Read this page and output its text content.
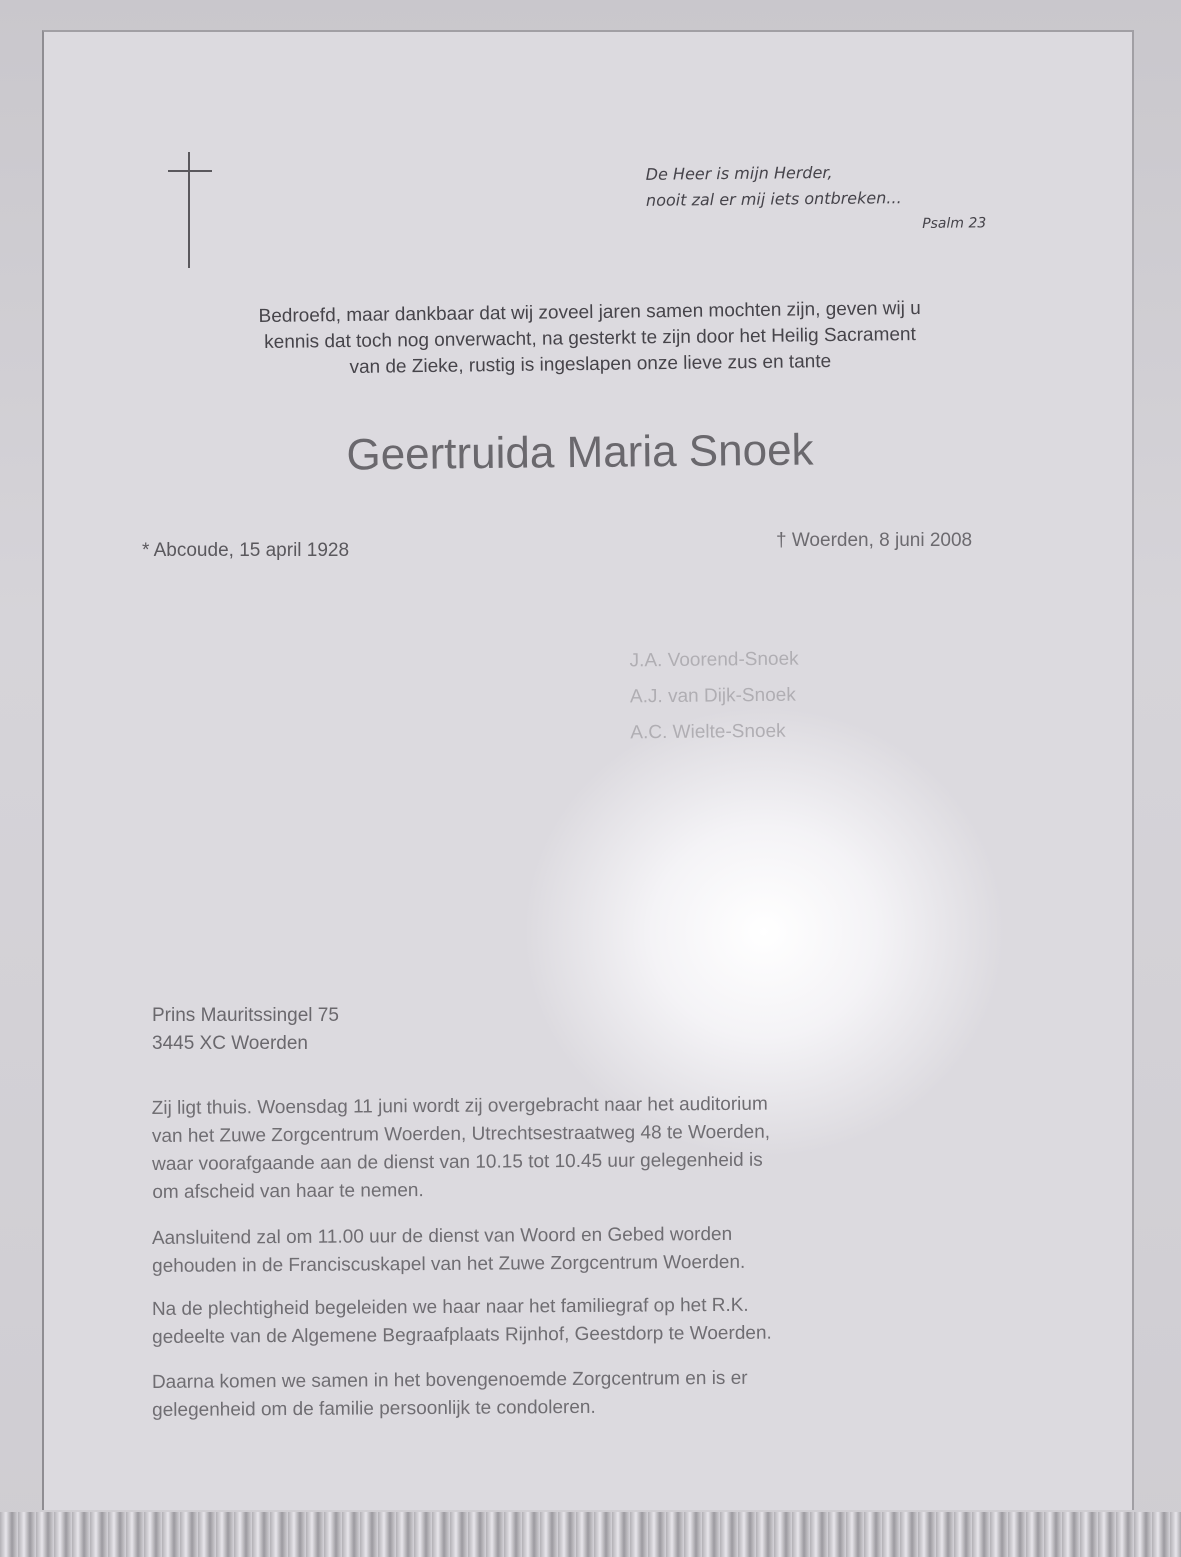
De Heer is mijn Herder,
nooit zal er mij iets ontbreken...
Psalm 23
Bedroefd, maar dankbaar dat wij zoveel jaren samen mochten zijn, geven wij u
kennis dat toch nog onverwacht, na gesterkt te zijn door het Heilig Sacrament
van de Zieke, rustig is ingeslapen onze lieve zus en tante
Geertruida Maria Snoek
* Abcoude, 15 april 1928	† Woerden, 8 juni 2008
J.A. Voorend-Snoek
A.J. van Dijk-Snoek
A.C. Wielte-Snoek
Prins Mauritssingel 75
3445 XC Woerden
Zij ligt thuis. Woensdag 11 juni wordt zij overgebracht naar het auditorium
van het Zuwe Zorgcentrum Woerden, Utrechtsestraatweg 48 te Woerden,
waar voorafgaande aan de dienst van 10.15 tot 10.45 uur gelegenheid is
om afscheid van haar te nemen.
Aansluitend zal om 11.00 uur de dienst van Woord en Gebed worden
gehouden in de Franciscuskapel van het Zuwe Zorgcentrum Woerden.
Na de plechtigheid begeleiden we haar naar het familiegraf op het R.K.
gedeelte van de Algemene Begraafplaats Rijnhof, Geestdorp te Woerden.
Daarna komen we samen in het bovengenoemde Zorgcentrum en is er
gelegenheid om de familie persoonlijk te condoleren.
